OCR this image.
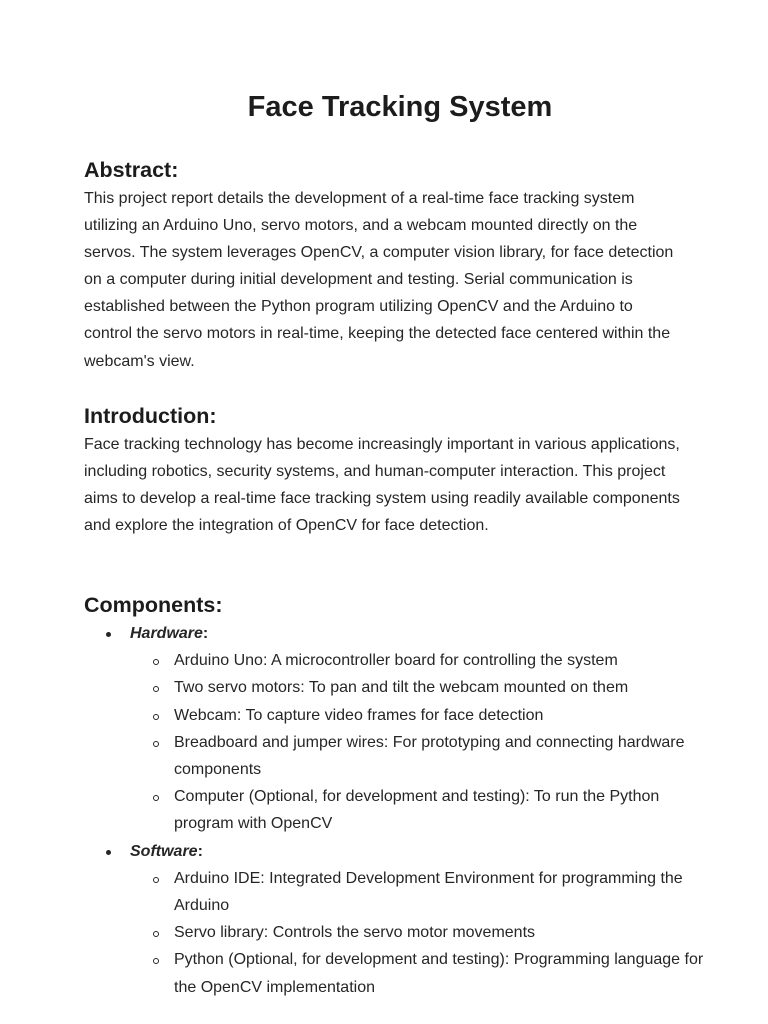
Face Tracking System
Abstract:

This project report details the development of a real-time face tracking system utilizing an Arduino Uno, servo motors, and a webcam mounted directly on the servos. The system leverages OpenCV, a computer vision library, for face detection on a computer during initial development and testing. Serial communication is established between the Python program utilizing OpenCV and the Arduino to control the servo motors in real-time, keeping the detected face centered within the webcam's view.

Introduction:

Face tracking technology has become increasingly important in various applications, including robotics, security systems, and human-computer interaction. This project aims to develop a real-time face tracking system using readily available components and explore the integration of OpenCV for face detection.

Components:
Hardware:
Arduino Uno: A microcontroller board for controlling the system
Two servo motors: To pan and tilt the webcam mounted on them
Webcam: To capture video frames for face detection
Breadboard and jumper wires: For prototyping and connecting hardware components
Computer (Optional, for development and testing): To run the Python program with OpenCV
Software:
Arduino IDE: Integrated Development Environment for programming the Arduino
Servo library: Controls the servo motor movements
Python (Optional, for development and testing): Programming language for the OpenCV implementation
